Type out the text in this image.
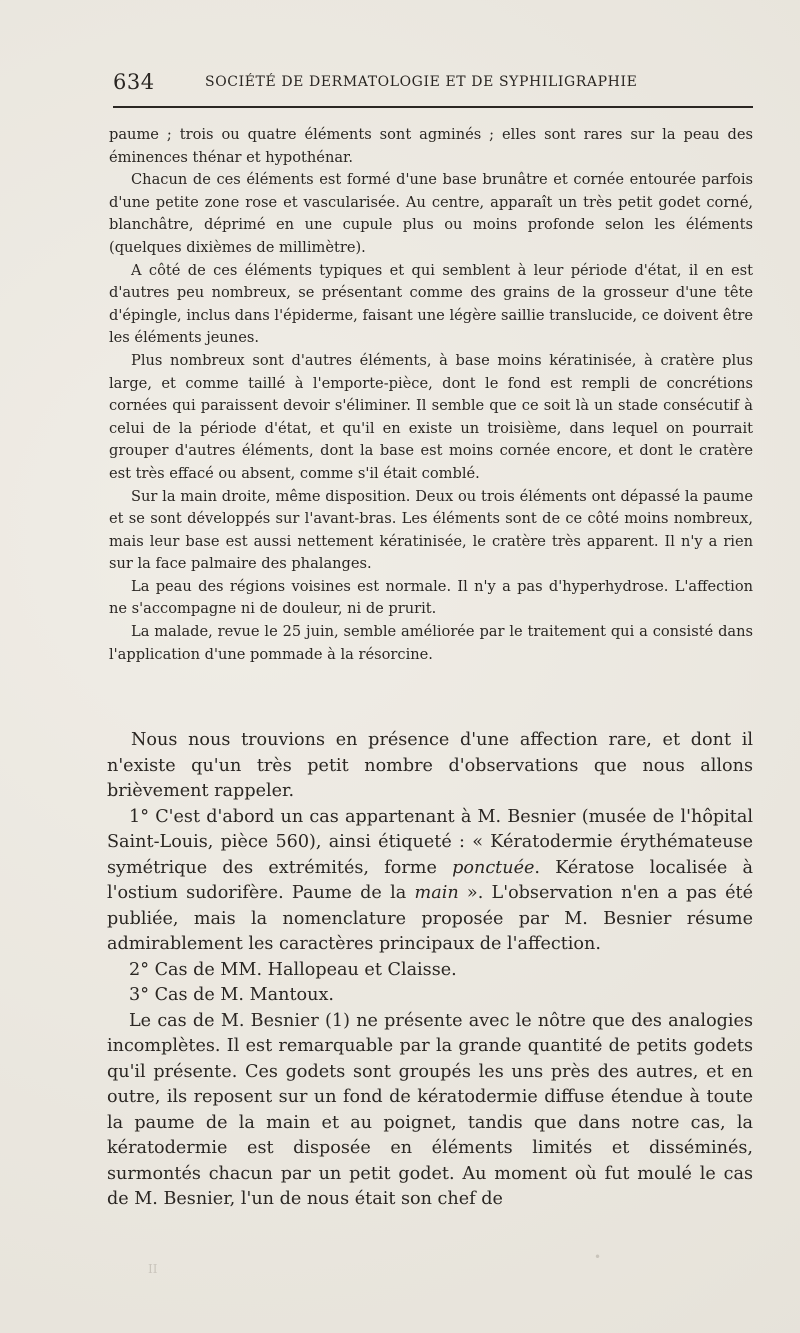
634	SOCIÉTÉ DE DERMATOLOGIE ET DE SYPHILIGRAPHIE

paume ; trois ou quatre éléments sont agminés ; elles sont rares sur la peau des éminences thénar et hypothénar.

Chacun de ces éléments est formé d'une base brunâtre et cornée entourée parfois d'une petite zone rose et vascularisée. Au centre, apparaît un très petit godet corné, blanchâtre, déprimé en une cupule plus ou moins profonde selon les éléments (quelques dixièmes de millimètre).

A côté de ces éléments typiques et qui semblent à leur période d'état, il en est d'autres peu nombreux, se présentant comme des grains de la grosseur d'une tête d'épingle, inclus dans l'épiderme, faisant une légère saillie translucide, ce doivent être les éléments jeunes.

Plus nombreux sont d'autres éléments, à base moins kératinisée, à cratère plus large, et comme taillé à l'emporte-pièce, dont le fond est rempli de concrétions cornées qui paraissent devoir s'éliminer. Il semble que ce soit là un stade consécutif à celui de la période d'état, et qu'il en existe un troisième, dans lequel on pourrait grouper d'autres éléments, dont la base est moins cornée encore, et dont le cratère est très effacé ou absent, comme s'il était comblé.

Sur la main droite, même disposition. Deux ou trois éléments ont dépassé la paume et se sont développés sur l'avant-bras. Les éléments sont de ce côté moins nombreux, mais leur base est aussi nettement kératinisée, le cratère très apparent. Il n'y a rien sur la face palmaire des phalanges.

La peau des régions voisines est normale. Il n'y a pas d'hyperhydrose. L'affection ne s'accompagne ni de douleur, ni de prurit.

La malade, revue le 25 juin, semble améliorée par le traitement qui a consisté dans l'application d'une pommade à la résorcine.

Nous nous trouvions en présence d'une affection rare, et dont il n'existe qu'un très petit nombre d'observations que nous allons brièvement rappeler.

1° C'est d'abord un cas appartenant à M. Besnier (musée de l'hôpital Saint-Louis, pièce 560), ainsi étiqueté : « Kératodermie érythémateuse symétrique des extrémités, forme ponctuée. Kératose localisée à l'ostium sudorifère. Paume de la main ». L'observation n'en a pas été publiée, mais la nomenclature proposée par M. Besnier résume admirablement les caractères principaux de l'affection.

2° Cas de MM. Hallopeau et Claisse.

3° Cas de M. Mantoux.

Le cas de M. Besnier (1) ne présente avec le nôtre que des analogies incomplètes. Il est remarquable par la grande quantité de petits godets qu'il présente. Ces godets sont groupés les uns près des autres, et en outre, ils reposent sur un fond de kératodermie diffuse étendue à toute la paume de la main et au poignet, tandis que dans notre cas, la kératodermie est disposée en éléments limités et disséminés, surmontés chacun par un petit godet. Au moment où fut moulé le cas de M. Besnier, l'un de nous était son chef de

•
II
